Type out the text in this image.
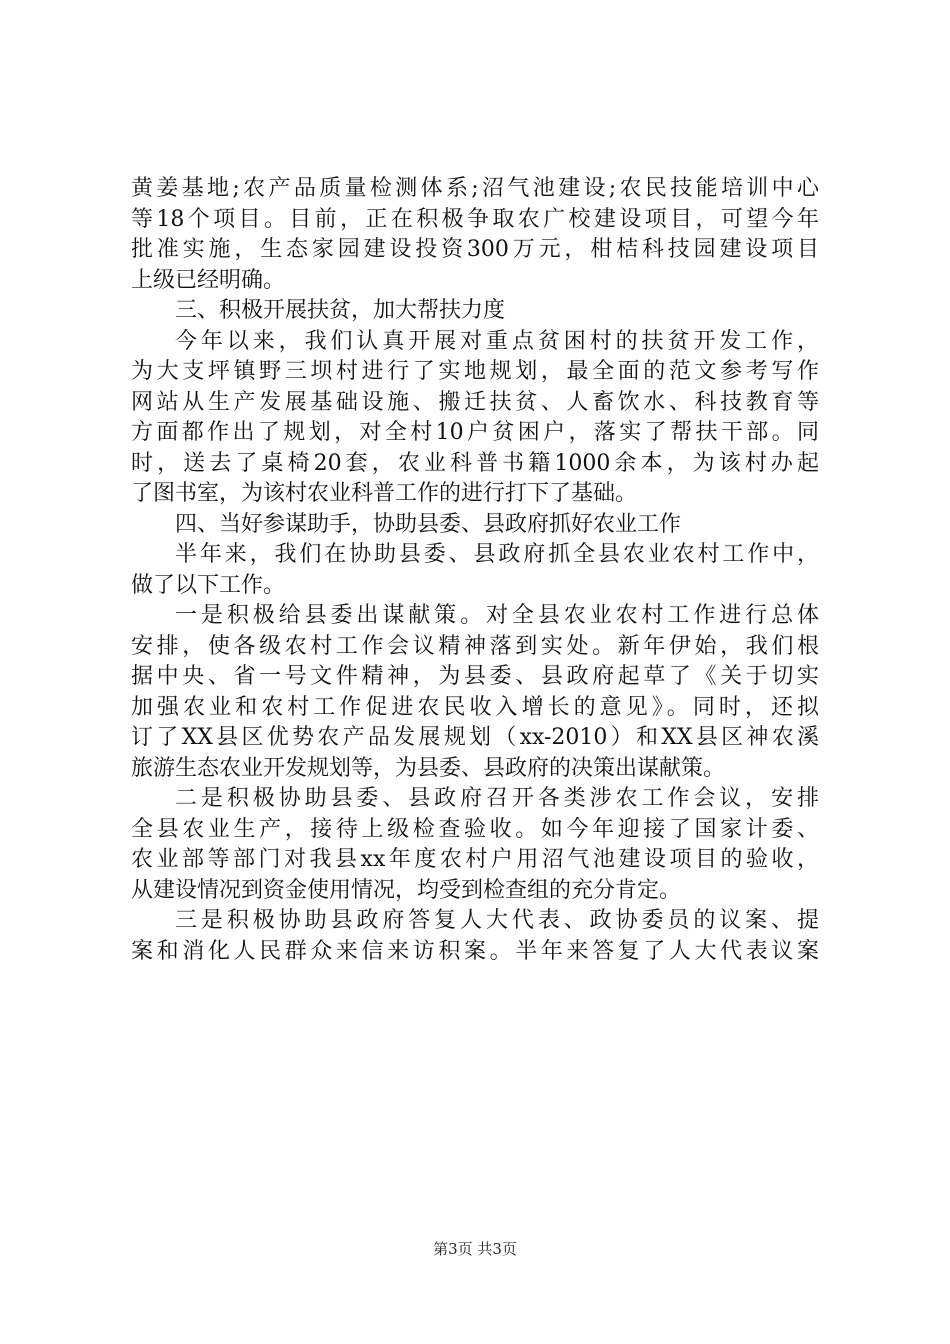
黄姜基地;农产品质量检测体系;沼气池建设;农民技能培训中心
等18个项目。目前，正在积极争取农广校建设项目，可望今年
批准实施，生态家园建设投资300万元，柑桔科技园建设项目
上级已经明确。
三、积极开展扶贫，加大帮扶力度
今年以来，我们认真开展对重点贫困村的扶贫开发工作，
为大支坪镇野三坝村进行了实地规划，最全面的范文参考写作
网站从生产发展基础设施、搬迁扶贫、人畜饮水、科技教育等
方面都作出了规划，对全村10户贫困户，落实了帮扶干部。同
时，送去了桌椅20套，农业科普书籍1000余本，为该村办起
了图书室，为该村农业科普工作的进行打下了基础。
四、当好参谋助手，协助县委、县政府抓好农业工作
半年来，我们在协助县委、县政府抓全县农业农村工作中，
做了以下工作。
一是积极给县委出谋献策。对全县农业农村工作进行总体
安排，使各级农村工作会议精神落到实处。新年伊始，我们根
据中央、省一号文件精神，为县委、县政府起草了《关于切实
加强农业和农村工作促进农民收入增长的意见》。同时，还拟
订了XX县区优势农产品发展规划（xx-2010）和XX县区神农溪
旅游生态农业开发规划等，为县委、县政府的决策出谋献策。
二是积极协助县委、县政府召开各类涉农工作会议，安排
全县农业生产，接待上级检查验收。如今年迎接了国家计委、
农业部等部门对我县xx年度农村户用沼气池建设项目的验收，
从建设情况到资金使用情况，均受到检查组的充分肯定。
三是积极协助县政府答复人大代表、政协委员的议案、提
案和消化人民群众来信来访积案。半年来答复了人大代表议案
第3页 共3页
